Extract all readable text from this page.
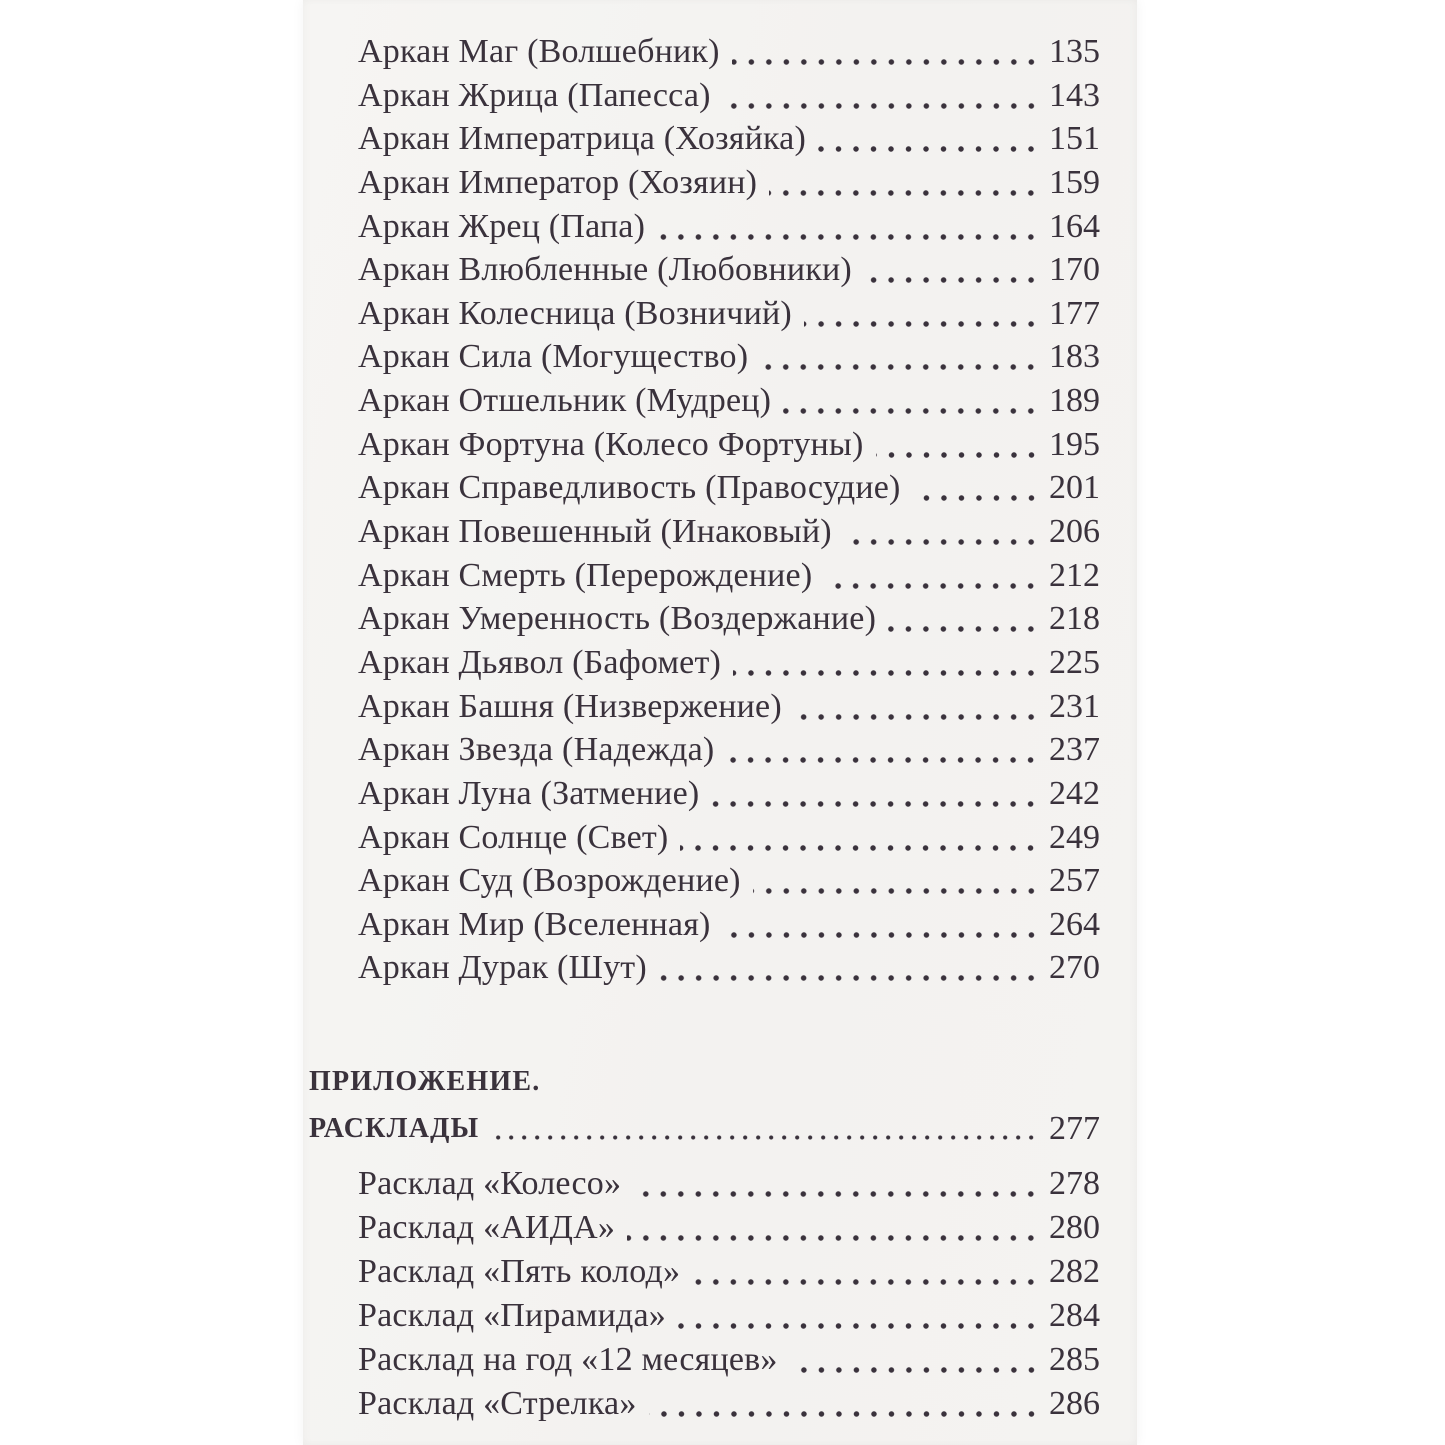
Аркан Маг (Волшебник)	135
Аркан Жрица (Папесса)	143
Аркан Императрица (Хозяйка)	151
Аркан Император (Хозяин)	159
Аркан Жрец (Папа)	164
Аркан Влюбленные (Любовники)	170
Аркан Колесница (Возничий)	177
Аркан Сила (Могущество)	183
Аркан Отшельник (Мудрец)	189
Аркан Фортуна (Колесо Фортуны)	195
Аркан Справедливость (Правосудие)	201
Аркан Повешенный (Инаковый)	206
Аркан Смерть (Перерождение)	212
Аркан Умеренность (Воздержание)	218
Аркан Дьявол (Бафомет)	225
Аркан Башня (Низвержение)	231
Аркан Звезда (Надежда)	237
Аркан Луна (Затмение)	242
Аркан Солнце (Свет)	249
Аркан Суд (Возрождение)	257
Аркан Мир (Вселенная)	264
Аркан Дурак (Шут)	270
ПРИЛОЖЕНИЕ.
РАСКЛАДЫ	277
Расклад «Колесо»	278
Расклад «АИДА»	280
Расклад «Пять колод»	282
Расклад «Пирамида»	284
Расклад на год «12 месяцев»	285
Расклад «Стрелка»	286
